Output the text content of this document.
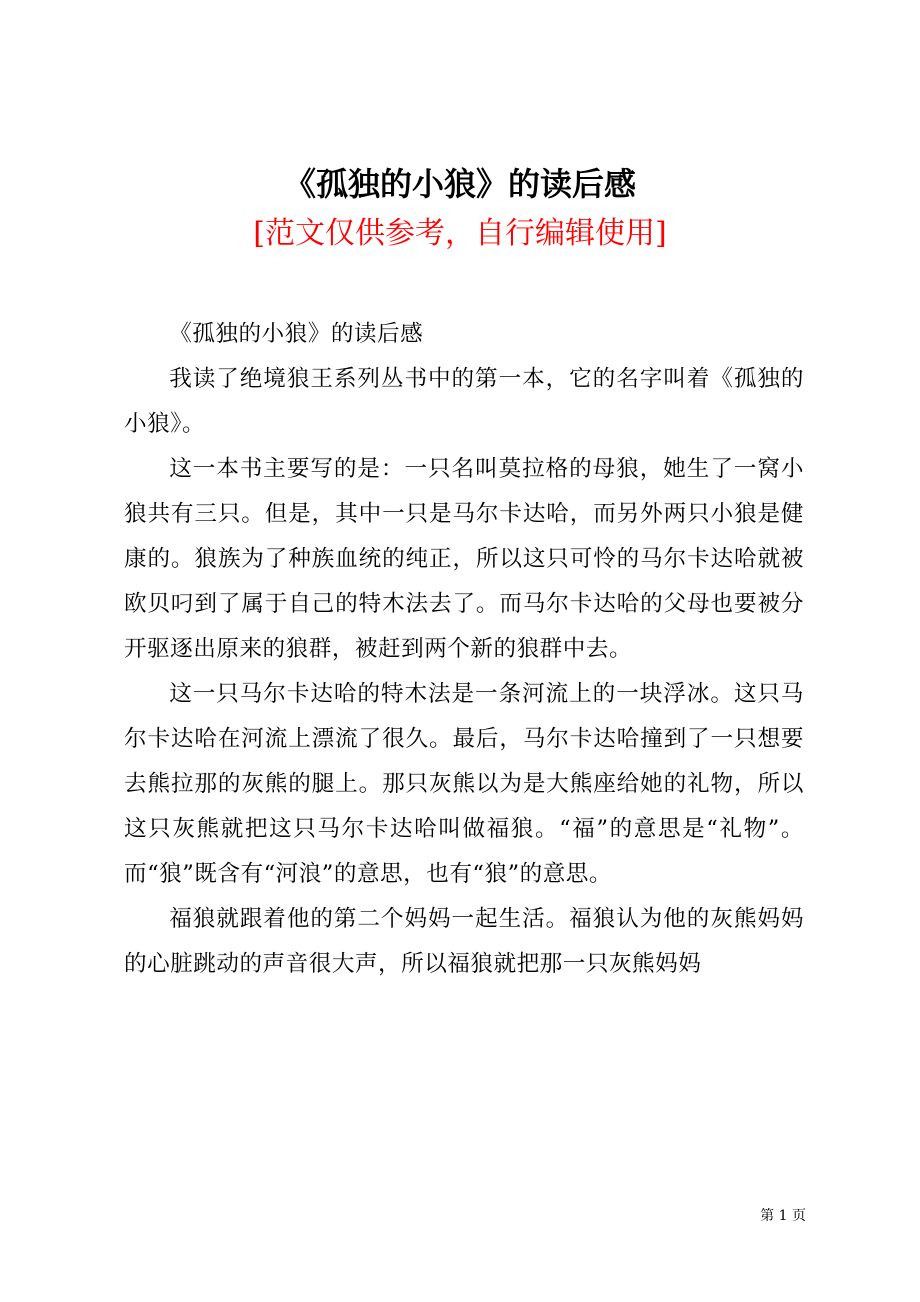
《孤独的小狼》的读后感
[范文仅供参考，自行编辑使用]

《孤独的小狼》的读后感

我读了绝境狼王系列丛书中的第一本，它的名字叫着《孤独的小狼》。

这一本书主要写的是：一只名叫莫拉格的母狼，她生了一窝小狼共有三只。但是，其中一只是马尔卡达哈，而另外两只小狼是健康的。狼族为了种族血统的纯正，所以这只可怜的马尔卡达哈就被欧贝叼到了属于自己的特木法去了。而马尔卡达哈的父母也要被分开驱逐出原来的狼群，被赶到两个新的狼群中去。

这一只马尔卡达哈的特木法是一条河流上的一块浮冰。这只马尔卡达哈在河流上漂流了很久。最后，马尔卡达哈撞到了一只想要去熊拉那的灰熊的腿上。那只灰熊以为是大熊座给她的礼物，所以这只灰熊就把这只马尔卡达哈叫做福狼。“福”的意思是“礼物”。而“狼”既含有“河浪”的意思，也有“狼”的意思。

福狼就跟着他的第二个妈妈一起生活。福狼认为他的灰熊妈妈的心脏跳动的声音很大声，所以福狼就把那一只灰熊妈妈

第 1 页
